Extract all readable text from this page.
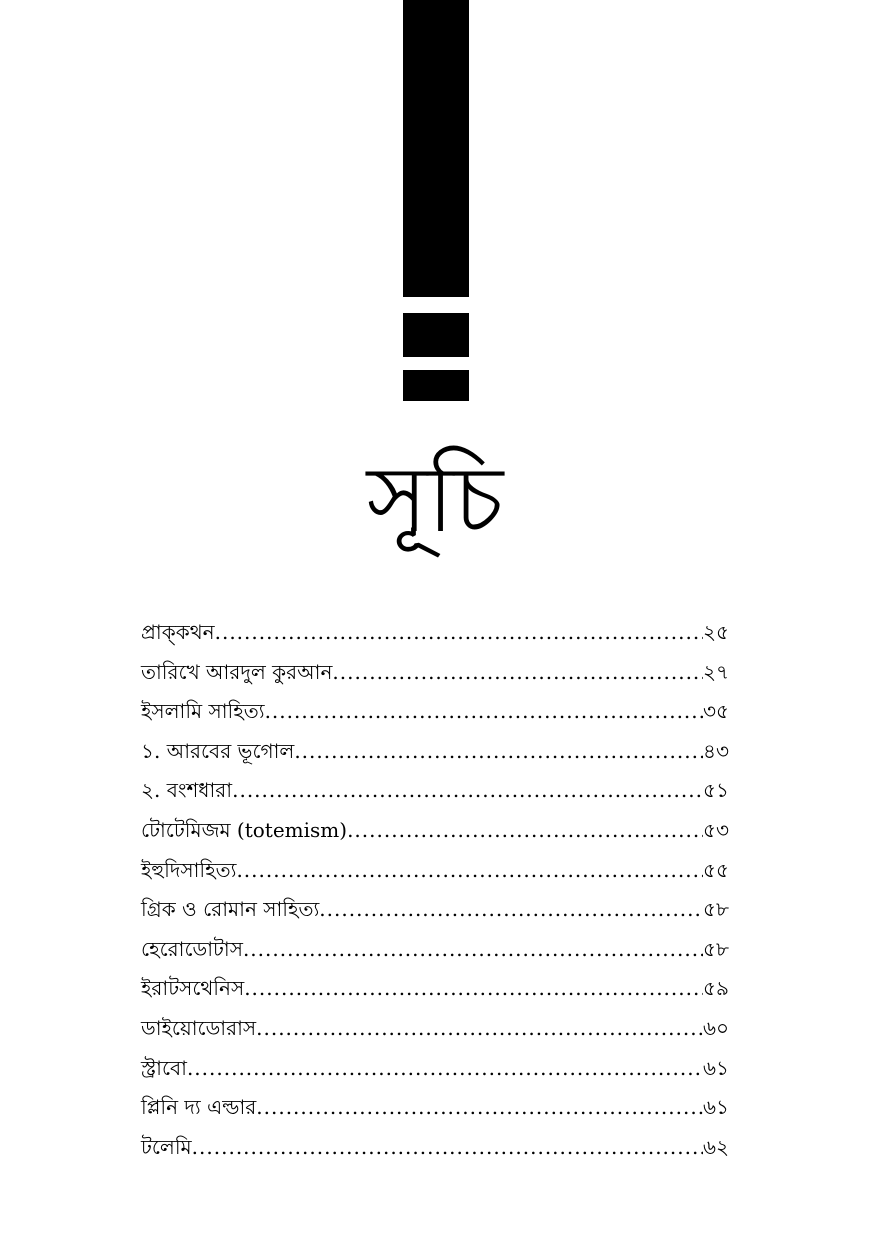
সূচি
প্রাক্‌কথন .....	২৫
তারিখে আরদুল কুরআন .....	২৭
ইসলামি সাহিত্য .....	৩৫
১. আরবের ভূগোল .....	৪৩
২. বংশধারা .....	৫১
টোটেমিজম (totemism) .....	৫৩
ইহুদিসাহিত্য .....	৫৫
গ্রিক ও রোমান সাহিত্য .....	৫৮
হেরোডোটাস .....	৫৮
ইরাটসথেনিস .....	৫৯
ডাইয়োডোরাস .....	৬০
স্ট্রাবো .....	৬১
প্লিনি দ্য এল্ডার .....	৬১
টলেমি .....	৬২
